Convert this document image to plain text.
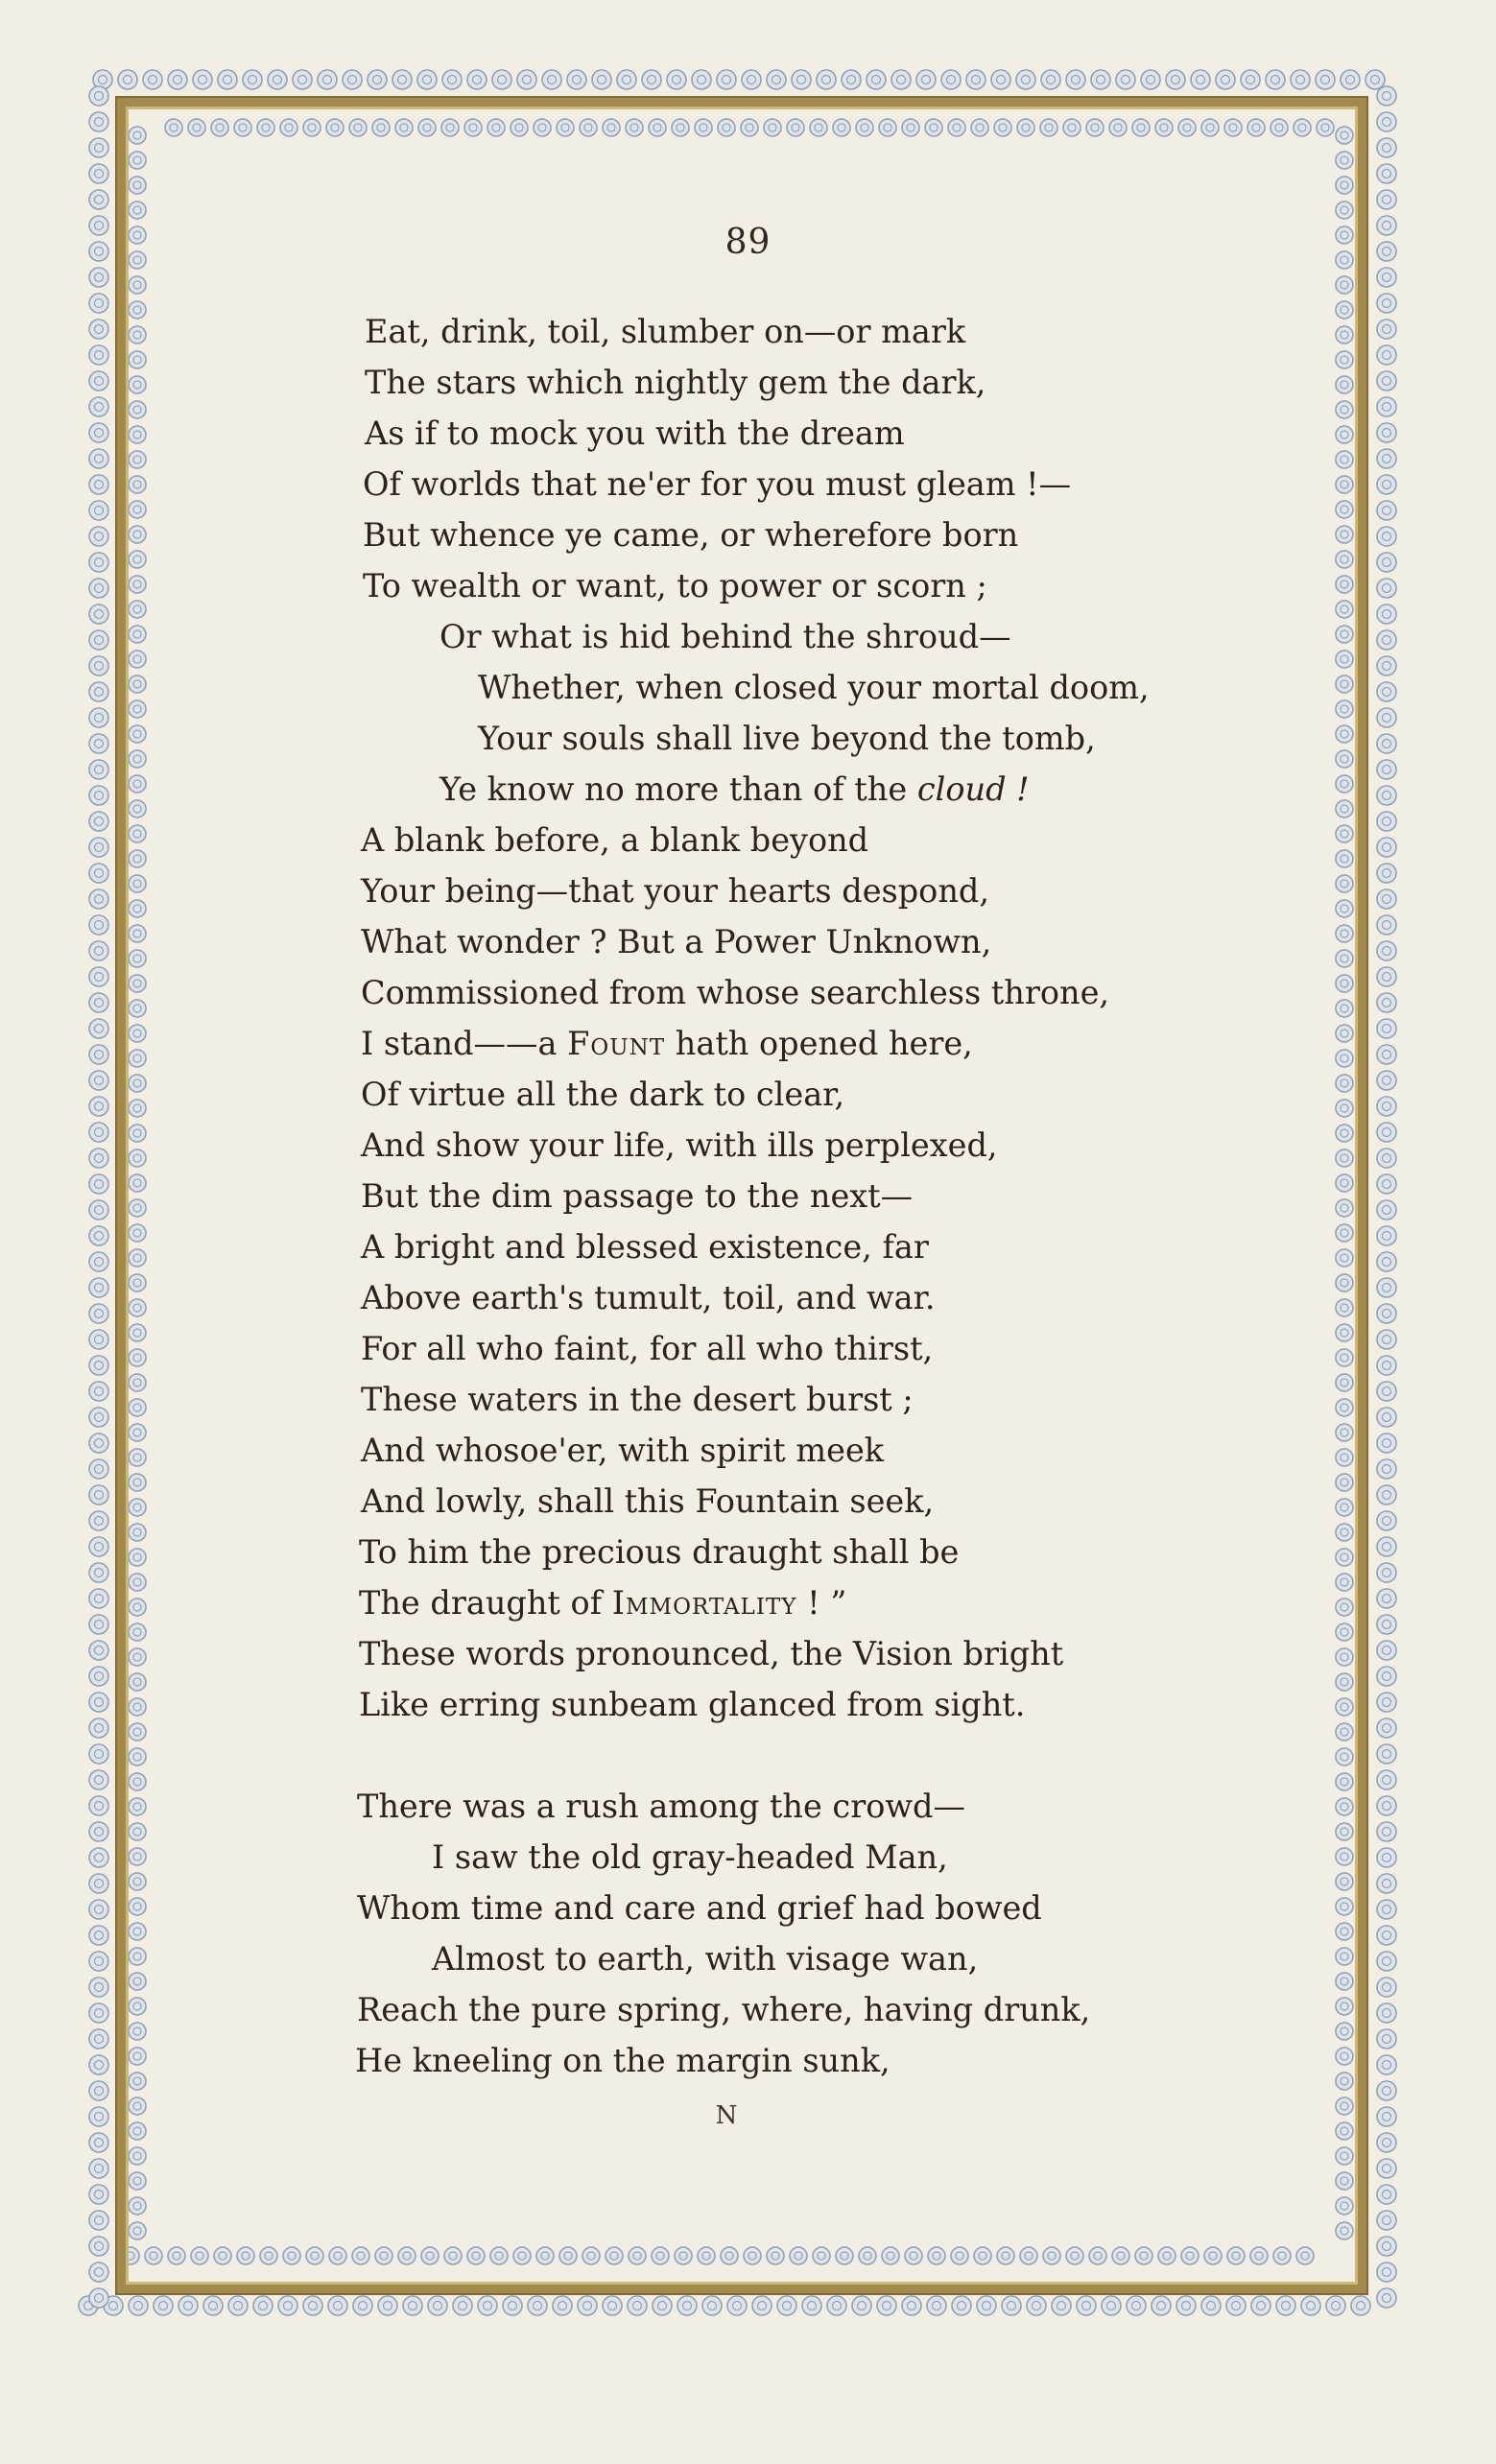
89
Eat, drink, toil, slumber on—or mark
The stars which nightly gem the dark,
As if to mock you with the dream
Of worlds that ne'er for you must gleam !—
But whence ye came, or wherefore born
To wealth or want, to power or scorn ;
Or what is hid behind the shroud—
Whether, when closed your mortal doom,
Your souls shall live beyond the tomb,
Ye know no more than of the cloud !
A blank before, a blank beyond
Your being—that your hearts despond,
What wonder ? But a Power Unknown,
Commissioned from whose searchless throne,
I stand——a Fount hath opened here,
Of virtue all the dark to clear,
And show your life, with ills perplexed,
But the dim passage to the next—
A bright and blessed existence, far
Above earth's tumult, toil, and war.
For all who faint, for all who thirst,
These waters in the desert burst ;
And whosoe'er, with spirit meek
And lowly, shall this Fountain seek,
To him the precious draught shall be
The draught of Immortality ! ”
These words pronounced, the Vision bright
Like erring sunbeam glanced from sight.
There was a rush among the crowd—
I saw the old gray-headed Man,
Whom time and care and grief had bowed
Almost to earth, with visage wan,
Reach the pure spring, where, having drunk,
He kneeling on the margin sunk,
N
